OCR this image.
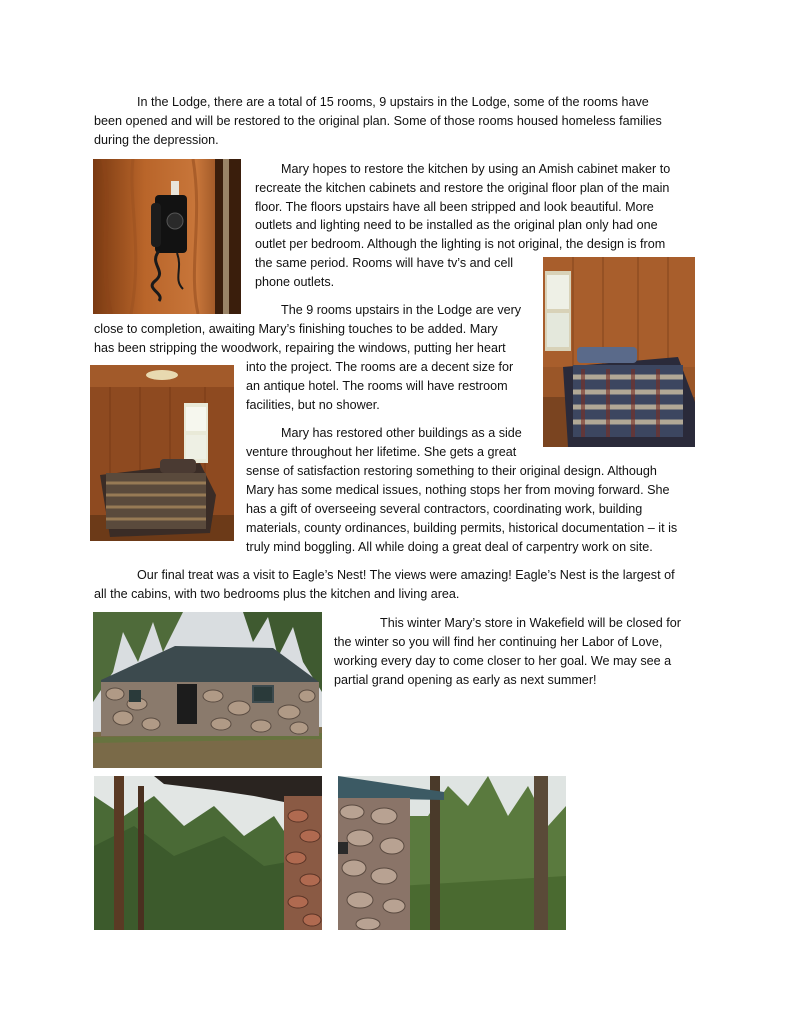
In the Lodge, there are a total of 15 rooms, 9 upstairs in the Lodge, some of the rooms have
been opened and will be restored to the original plan. Some of those rooms housed homeless families
during the depression.
Mary hopes to restore the kitchen by using an Amish cabinet maker to
recreate the kitchen cabinets and restore the original floor plan of the main
floor. The floors upstairs have all been stripped and look beautiful. More
outlets and lighting need to be installed as the original plan only had one
outlet per bedroom. Although the lighting is not original, the design is from
the same period. Rooms will have tv’s and cell
phone outlets.
The 9 rooms upstairs in the Lodge are very
close to completion, awaiting Mary’s finishing touches to be added. Mary
has been stripping the woodwork, repairing the windows, putting her heart
into the project. The rooms are a decent size for
an antique hotel. The rooms will have restroom
facilities, but no shower.
Mary has restored other buildings as a side
venture throughout her lifetime. She gets a great
sense of satisfaction restoring something to their original design. Although
Mary has some medical issues, nothing stops her from moving forward. She
has a gift of overseeing several contractors, coordinating work, building
materials, county ordinances, building permits, historical documentation – it is
truly mind boggling. All while doing a great deal of carpentry work on site.
Our final treat was a visit to Eagle’s Nest! The views were amazing! Eagle’s Nest is the largest of
all the cabins, with two bedrooms plus the kitchen and living area.
This winter Mary’s store in Wakefield will be closed for
the winter so you will find her continuing her Labor of Love,
working every day to come closer to her goal. We may see a
partial grand opening as early as next summer!
